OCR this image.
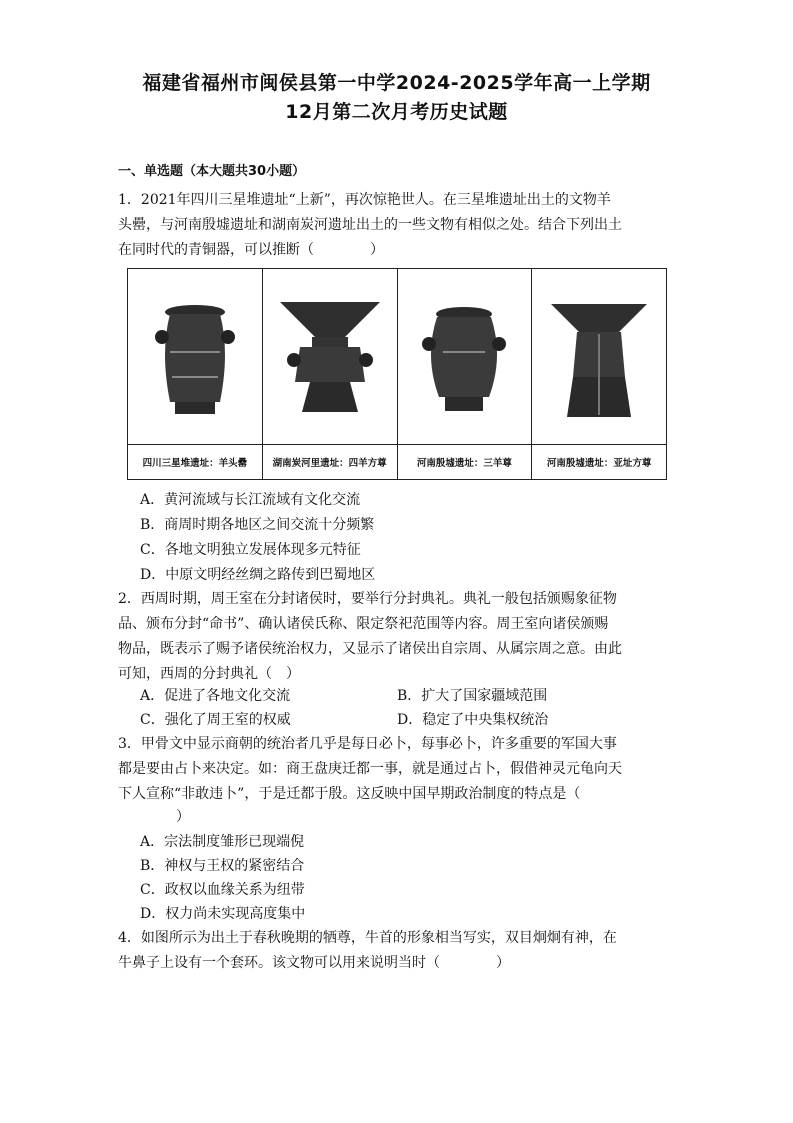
福建省福州市闽侯县第一中学2024-2025学年高一上学期
12月第二次月考历史试题
一、单选题（本大题共30小题）

1．2021年四川三星堆遗址“上新”，再次惊艳世人。在三星堆遗址出土的文物羊

头罍，与河南殷墟遗址和湖南炭河遗址出土的一些文物有相似之处。结合下列出土

在同时代的青铜器，可以推断（　　　　）

四川三星堆遗址：羊头罍	湖南炭河里遗址：四羊方尊	河南殷墟遗址：三羊尊	河南殷墟遗址：亚址方尊
A．黄河流域与长江流域有文化交流
B．商周时期各地区之间交流十分频繁
C．各地文明独立发展体现多元特征
D．中原文明经丝绸之路传到巴蜀地区

2．西周时期，周王室在分封诸侯时，要举行分封典礼。典礼一般包括颁赐象征物

品、颁布分封“命书”、确认诸侯氏称、限定祭祀范围等内容。周王室向诸侯颁赐

物品，既表示了赐予诸侯统治权力，又显示了诸侯出自宗周、从属宗周之意。由此

可知，西周的分封典礼（　）

A．促进了各地文化交流	B．扩大了国家疆域范围
C．强化了周王室的权威	D．稳定了中央集权统治

3．甲骨文中显示商朝的统治者几乎是每日必卜，每事必卜，许多重要的军国大事

都是要由占卜来决定。如：商王盘庚迁都一事，就是通过占卜，假借神灵元龟向天

下人宣称“非敢违卜”，于是迁都于殷。这反映中国早期政治制度的特点是（

）

A．宗法制度雏形已现端倪
B．神权与王权的紧密结合
C．政权以血缘关系为纽带
D．权力尚未实现高度集中

4．如图所示为出土于春秋晚期的牺尊，牛首的形象相当写实，双目炯炯有神，在

牛鼻子上设有一个套环。该文物可以用来说明当时（　　　　）
